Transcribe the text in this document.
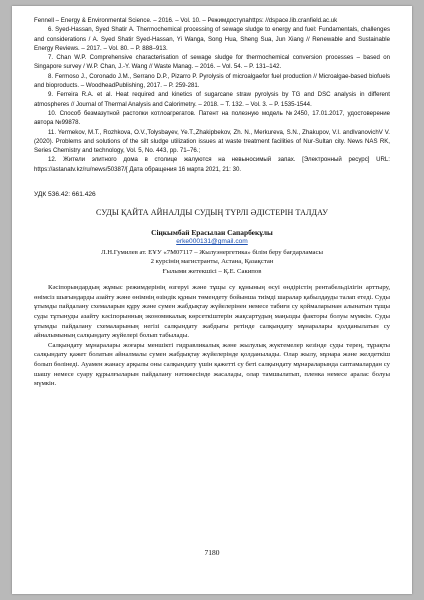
Fennell – Energy & Environmental Science. – 2016. – Vol. 10. – Режимдоступаhttps: //dspace.lib.cranfield.ac.uk

6. Syed-Hassan, Syed Shatir A. Thermochemical processing of sewage sludge to energy and fuel: Fundamentals, challenges and considerations / A. Syed Shatir Syed-Hassan, Yi Wanga, Song Hua, Sheng Sua, Jun Xiang // Renewable and Sustainable Energy Reviews. – 2017. – Vol. 80. – P. 888–913.

7. Chan W.P. Comprehensive characterisation of sewage sludge for thermochemical conversion processes – based on Singapore survey / W.P. Chan, J.-Y. Wang // Waste Manag. – 2016. – Vol. 54. – P. 131–142.

8. Fermoso J., Coronado J.M., Serrano D.P., Pizarro P. Pyrolysis of microalgaefor fuel production // Microalgae-based biofuels and bioproducts. – WoodheadPublishing, 2017. – P. 259-281.

9. Ferreira R.A. et al. Heat required and kinetics of sugarcane straw pyrolysis by TG and DSC analysis in different atmospheres // Journal of Thermal Analysis and Calorimetry. – 2018. – Т. 132. – Vol. 3. – P. 1535-1544.

10. Способ безмазутной растопки котлоагрегатов. Патент на полезную модель №2450, 17.01.2017, удостоверение автора №99878.

11. Yermekov, M.T., Rozhkova, O.V.,Tolysbayev, Ye.T.,Zhakipbekov, Zh. N., Merkureva, S.N., Zhakupov, V.I. andIvanovichV V. (2020). Problems and solutions of the silt sludge utilization issues at waste treatment facilities of Nur-Sultan city. News NAS RK, Series Chemistry and technology, Vol. 5, No. 443, pp. 71–76.;

12. Жители элитного дома в столице жалуются на невыносимый запах. [Электронный ресурс] URL: https://astanatv.kz/ru/news/50387/[ Дата обращения 16 марта 2021, 21: 30.

УДК 536.42: 661.426

СУДЫ ҚАЙТА АЙНАЛДЫ СУДЫҢ ТҮРЛІ ӘДІСТЕРІН ТАЛДАУ

Сіңкымбай Ерасылан Сапарбекұлы

erke000131@gmail.com

Л.Н.Гумилев ат. ЕҰУ «7М07117 – Жылуэнергетика» білім беру бағдарламасы

2 курсінің магистранты, Астана, Қазақстан

Ғылыми жетекшісі – Қ.Е. Сакипов

Кәсіпорындардың жұмыс режимдерінің өзгеруі және тұщы су құнының өсуі өндірістің рентабельділігін арттыру, өнімсіз шығындарды азайту және өнімнің өзіндік құнын төмендету бойынша тиімді шаралар қабылдауды талап етеді. Суды ұтымды пайдалану схемаларын құру және сумен жабдықтау жүйелерінен немесе табиғи су қоймаларынан алынатын тұщы суды тұтынуды азайту кәсіпорынның экономикалық көрсеткіштерін жақсартудың маңызды факторы болуы мүмкін. Суды ұтымды пайдалану схемаларының негізі салқындату жабдығы ретінде салқындату мұнаралары қолданылатын су айналымының салқындату жүйелері болып табылады.

Салқындату мұнаралары жоғары меншікті гидравликалық және жылулық жүктемелер кезінде суды терең, тұрақты салқындату қажет болатын айналмалы сумен жабдықтау жүйелерінде қолданылады. Олар жылу, мұнара және желдеткіш болып бөлінеді. Ауамен жанасу арқылы оны салқындату үшін қажетті су беті салқындату мұнараларында саптамалардан су шашу немесе суару құрылғыларын пайдалану нәтижесінде жасалады, олар тамшылатып, пленка немесе аралас болуы мүмкін.

7180
